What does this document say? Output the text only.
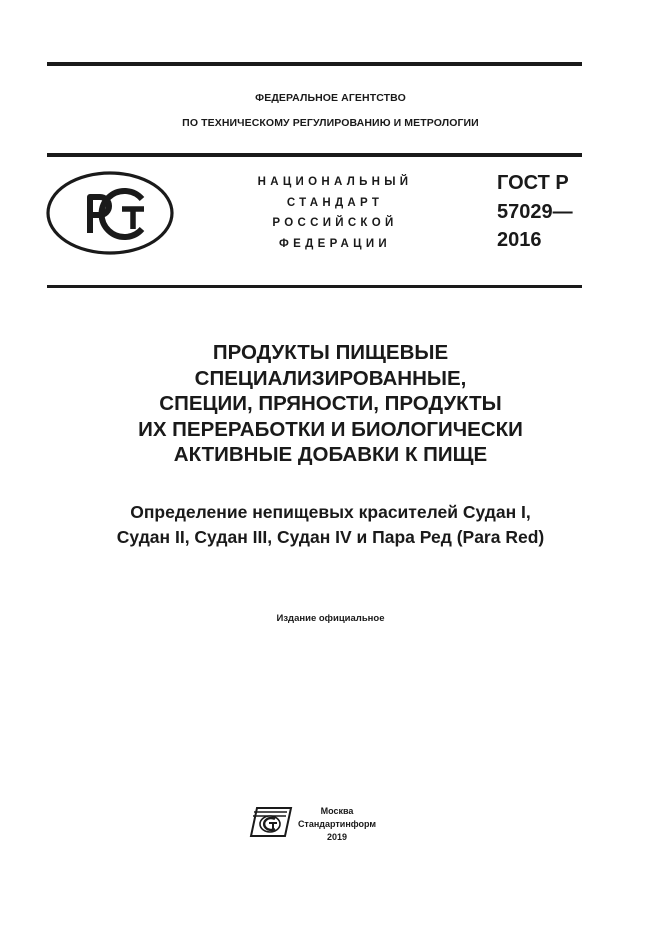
ФЕДЕРАЛЬНОЕ АГЕНТСТВО
ПО ТЕХНИЧЕСКОМУ РЕГУЛИРОВАНИЮ И МЕТРОЛОГИИ
НАЦИОНАЛЬНЫЙ
СТАНДАРТ
РОССИЙСКОЙ
ФЕДЕРАЦИИ
ГОСТ Р
57029—
2016
ПРОДУКТЫ ПИЩЕВЫЕ
СПЕЦИАЛИЗИРОВАННЫЕ,
СПЕЦИИ, ПРЯНОСТИ, ПРОДУКТЫ
ИХ ПЕРЕРАБОТКИ И БИОЛОГИЧЕСКИ
АКТИВНЫЕ ДОБАВКИ К ПИЩЕ
Определение непищевых красителей Судан I,
Судан II, Судан III, Судан IV и Пара Ред (Para Red)
Издание официальное
Москва
Стандартинформ
2019
